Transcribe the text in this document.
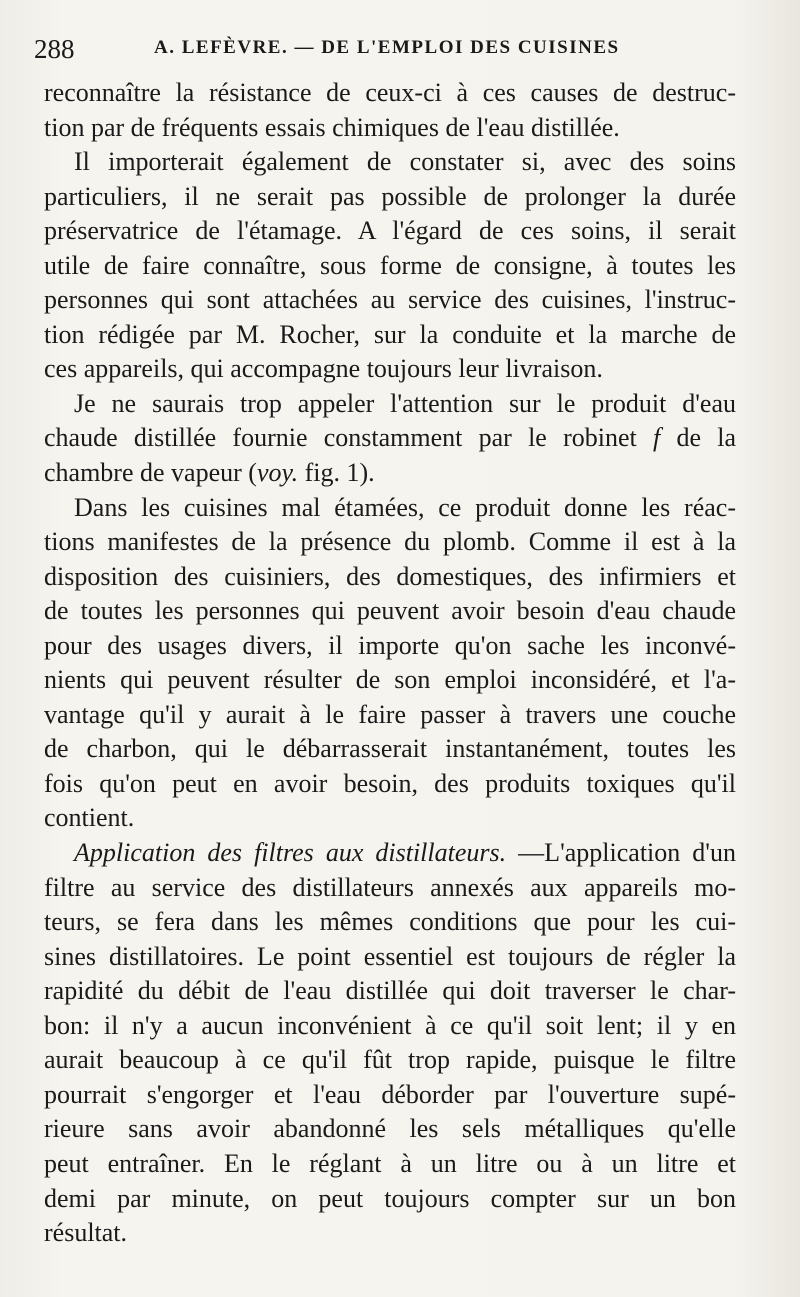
288	A. LEFÈVRE. — DE L'EMPLOI DES CUISINES
reconnaître la résistance de ceux-ci à ces causes de destruc-
tion par de fréquents essais chimiques de l'eau distillée.
Il importerait également de constater si, avec des soins
particuliers, il ne serait pas possible de prolonger la durée
préservatrice de l'étamage. A l'égard de ces soins, il serait
utile de faire connaître, sous forme de consigne, à toutes les
personnes qui sont attachées au service des cuisines, l'instruc-
tion rédigée par M. Rocher, sur la conduite et la marche de
ces appareils, qui accompagne toujours leur livraison.
Je ne saurais trop appeler l'attention sur le produit d'eau
chaude distillée fournie constamment par le robinet f de la
chambre de vapeur (voy. fig. 1).
Dans les cuisines mal étamées, ce produit donne les réac-
tions manifestes de la présence du plomb. Comme il est à la
disposition des cuisiniers, des domestiques, des infirmiers et
de toutes les personnes qui peuvent avoir besoin d'eau chaude
pour des usages divers, il importe qu'on sache les inconvé-
nients qui peuvent résulter de son emploi inconsidéré, et l'a-
vantage qu'il y aurait à le faire passer à travers une couche
de charbon, qui le débarrasserait instantanément, toutes les
fois qu'on peut en avoir besoin, des produits toxiques qu'il
contient.
Application des filtres aux distillateurs. —L'application d'un
filtre au service des distillateurs annexés aux appareils mo-
teurs, se fera dans les mêmes conditions que pour les cui-
sines distillatoires. Le point essentiel est toujours de régler la
rapidité du débit de l'eau distillée qui doit traverser le char-
bon: il n'y a aucun inconvénient à ce qu'il soit lent; il y en
aurait beaucoup à ce qu'il fût trop rapide, puisque le filtre
pourrait s'engorger et l'eau déborder par l'ouverture supé-
rieure sans avoir abandonné les sels métalliques qu'elle
peut entraîner. En le réglant à un litre ou à un litre et
demi par minute, on peut toujours compter sur un bon
résultat.
